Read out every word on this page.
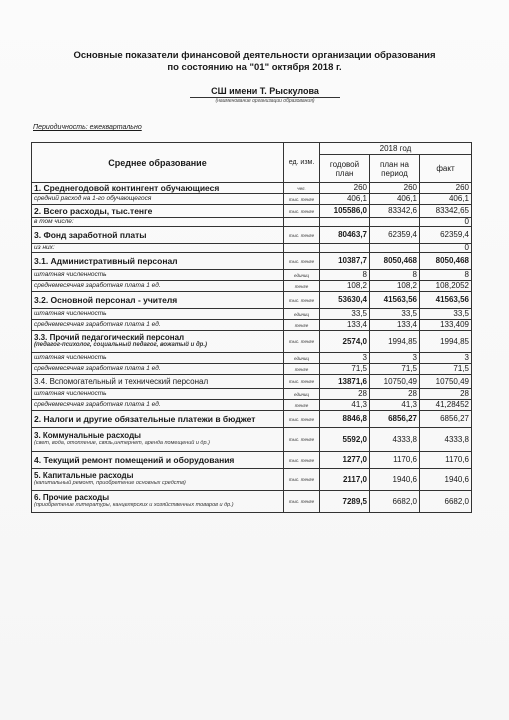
Основные показатели финансовой деятельности организации образования
по состоянию на "01" октября 2018 г.
СШ имени Т. Рыскулова
(наименование организации образования)
Периодичность: ежеквартально
Среднее образование	ед. изм.	2018 год		
		годовой план	план на период	факт
1. Среднегодовой контингент обучающиеся	чел.	260	260	260
средний расход на 1-го обучающегося	тыс. тенге	406,1	406,1	406,1
2. Всего расходы, тыс.тенге	тыс. тенге	105586,0	83342,6	83342,65
в том числе:				0
3. Фонд заработной платы	тыс. тенге	80463,7	62359,4	62359,4
из них:				0
3.1. Административный персонал	тыс. тенге	10387,7	8050,468	8050,468
штатная численность	единиц	8	8	8
среднемесячная заработная плата 1 ед.	тенге	108,2	108,2	108,2052
3.2. Основной персонал - учителя	тыс. тенге	53630,4	41563,56	41563,56
штатная численность	единиц	33,5	33,5	33,5
среднемесячная заработная плата 1 ед.	тенге	133,4	133,4	133,409
3.3. Прочий педагогический персонал
(педагог-психолог, социальный педагог, вожатый и др.)	тыс. тенге	2574,0	1994,85	1994,85
штатная численность	единиц	3	3	3
среднемесячная заработная плата 1 ед.	тенге	71,5	71,5	71,5
3.4. Вспомогательный и технический персонал	тыс. тенге	13871,6	10750,49	10750,49
штатная численность	единиц	28	28	28
среднемесячная заработная плата 1 ед.	тенге	41,3	41,3	41,28452
2. Налоги и другие обязательные платежи в бюджет	тыс. тенге	8846,8	6856,27	6856,27
3. Коммунальные расходы
(свет, вода, отопление, связь,интернет, аренда помещений и др.)	тыс. тенге	5592,0	4333,8	4333,8
4. Текущий ремонт помещений и оборудования	тыс. тенге	1277,0	1170,6	1170,6
5. Капитальные расходы
(капитальный ремонт, приобретение основных средств)	тыс. тенге	2117,0	1940,6	1940,6
6. Прочие расходы
(приобретение литературы, канцелярских и хозяйственных товаров и др.)	тыс. тенге	7289,5	6682,0	6682,0
